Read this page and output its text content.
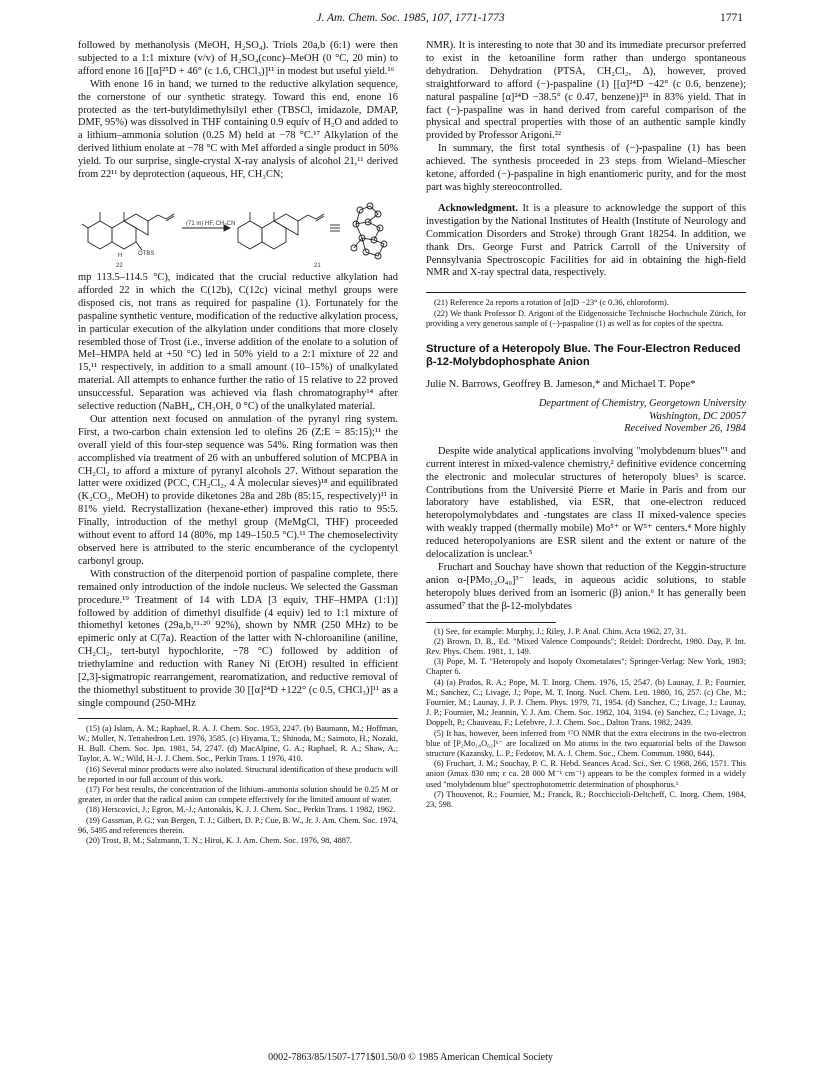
J. Am. Chem. Soc. 1985, 107, 1771-1773	1771

followed by methanolysis (MeOH, H₂SO₄). Triols 20a,b (6:1) were then subjected to a 1:1 mixture (v/v) of H₂SO₄(conc)–MeOH (0 °C, 20 min) to afford enone 16 [[α]²⁵D + 46° (c 1.6, CHCl₃)]¹¹ in modest but useful yield.¹⁶

With enone 16 in hand, we turned to the reductive alkylation sequence, the cornerstone of our synthetic strategy. Toward this end, enone 16 protected as the tert-butyldimethylsilyl ether (TBSCl, imidazole, DMAP, DMF, 95%) was dissolved in THF containing 0.9 equiv of H₂O and added to a lithium–ammonia solution (0.25 M) held at −78 °C.¹⁷ Alkylation of the derived lithium enolate at −78 °C with MeI afforded a single product in 50% yield. To our surprise, single-crystal X-ray analysis of alcohol 21,¹¹ derived from 22¹¹ by deprotection (aqueous, HF, CH₃CN;

(71 m) HF, CH₃CN
OTBS
H
22	21

mp 113.5–114.5 °C), indicated that the crucial reductive alkylation had afforded 22 in which the C(12b), C(12c) vicinal methyl groups were disposed cis, not trans as required for paspaline (1). Fortunately for the paspaline synthetic venture, modification of the reductive alkylation process, in particular execution of the alkylation under conditions that more closely resembled those of Trost (i.e., inverse addition of the enolate to a solution of MeI–HMPA held at +50 °C) led in 50% yield to a 2:1 mixture of 22 and 15,¹¹ respectively, in addition to a small amount (10–15%) of unalkylated material. All attempts to enhance further the ratio of 15 relative to 22 proved unsuccessful. Separation was achieved via flash chromatography¹⁴ after selective reduction (NaBH₄, CH₃OH, 0 °C) of the unalkylated material.

Our attention next focused on annulation of the pyranyl ring system. First, a two-carbon chain extension led to olefins 26 (Z:E = 85:15);¹¹ the overall yield of this four-step sequence was 54%. Ring formation was then accomplished via treatment of 26 with an unbuffered solution of MCPBA in CH₂Cl₂ to afford a mixture of pyranyl alcohols 27. Without separation the latter were oxidized (PCC, CH₂Cl₂, 4 Å molecular sieves)¹⁸ and equilibrated (K₂CO₃, MeOH) to provide diketones 28a and 28b (85:15, respectively)¹¹ in 81% yield. Recrystallization (hexane-ether) improved this ratio to 95:5. Finally, introduction of the methyl group (MeMgCl, THF) proceeded without event to afford 14 (80%, mp 149–150.5 °C).¹¹ The chemoselectivity observed here is attributed to the steric encumberance of the cyclopentyl carbonyl group.

With construction of the diterpenoid portion of paspaline complete, there remained only introduction of the indole nucleus. We selected the Gassman procedure.¹⁹ Treatment of 14 with LDA [3 equiv, THF–HMPA (1:1)] followed by addition of dimethyl disulfide (4 equiv) led to 1:1 mixture of thiomethyl ketones (29a,b,¹¹·²⁰ 92%), shown by NMR (250 MHz) to be epimeric only at C(7a). Reaction of the latter with N-chloroaniline (aniline, CH₂Cl₂, tert-butyl hypochlorite, −78 °C) followed by addition of triethylamine and reduction with Raney Ni (EtOH) resulted in efficient [2,3]-sigmatropic rearrangement, rearomatization, and reductive removal of the thiomethyl substituent to provide 30 [[α]²⁴D +122° (c 0.5, CHCl₃)]¹¹ as a single compound (250-MHz

(15) (a) Islam, A. M.; Raphael, R. A. J. Chem. Soc. 1953, 2247. (b) Baumann, M.; Hoffman, W.; Muller, N. Tetrahedron Lett. 1976, 3585. (c) Hiyama, T.; Shinoda, M.; Saimoto, H.; Nozaki, H. Bull. Chem. Soc. Jpn. 1981, 54, 2747. (d) MacAlpine, G. A.; Raphael, R. A.; Shaw, A.; Taylor, A. W.; Wild, H.-J. J. Chem. Soc., Perkin Trans. 1 1976, 410.

(16) Several minor products were also isolated. Structural identification of these products will be reported in our full account of this work.

(17) For best results, the concentration of the lithium–ammonia solution should be 0.25 M or greater, in order that the radical anion can compete effectively for the limited amount of water.

(18) Herscovici, J.; Egron, M.-J.; Antonakis, K. J. J. Chem. Soc., Perkin Trans. 1 1982, 1962.

(19) Gassman, P. G.; van Bergen, T. J.; Gilbert, D. P.; Cue, B. W., Jr. J. Am. Chem. Soc. 1974, 96, 5495 and references therein.

(20) Trost, B. M.; Salzmann, T. N.; Hiroi, K. J. Am. Chem. Soc. 1976, 98, 4887.

NMR). It is interesting to note that 30 and its immediate precursor preferred to exist in the ketoaniline form rather than undergo spontaneous dehydration. Dehydration (PTSA, CH₂Cl₂, Δ), however, proved straightforward to afford (−)-paspaline (1) [[α]²⁴D −42° (c 0.6, benzene); natural paspaline [α]²⁴D −38.5° (c 0.47, benzene)]²¹ in 83% yield. That in fact (−)-paspaline was in hand derived from careful comparison of the physical and spectral properties with those of an authentic sample kindly provided by Professor Arigoni.²²

In summary, the first total synthesis of (−)-paspaline (1) has been achieved. The synthesis proceeded in 23 steps from Wieland–Miescher ketone, afforded (−)-paspaline in high enantiomeric purity, and for the most part was highly stereocontrolled.

Acknowledgment. It is a pleasure to acknowledge the support of this investigation by the National Institutes of Health (Institute of Neurology and Commication Disorders and Stroke) through Grant 18254. In addition, we thank Drs. George Furst and Patrick Carroll of the University of Pennsylvania Spectroscopic Facilities for aid in obtaining the high-field NMR and X-ray spectral data, respectively.

(21) Reference 2a reports a rotation of [α]D −23° (c 0.36, chloroform).

(22) We thank Professor D. Arigoni of the Eidgenossiche Technische Hochschule Zürich, for providing a very generous sample of (−)-paspaline (1) as well as for copies of the spectra.

Structure of a Heteropoly Blue. The Four-Electron Reduced β-12-Molybdophosphate Anion
Julie N. Barrows, Geoffrey B. Jameson,* and Michael T. Pope*
Department of Chemistry, Georgetown University
Washington, DC 20057
Received November 26, 1984

Despite wide analytical applications involving "molybdenum blues"¹ and current interest in mixed-valence chemistry,² definitive evidence concerning the electronic and molecular structures of heteropoly blues³ is scarce. Contributions from the Université Pierre et Marie in Paris and from our laboratory have established, via ESR, that one-electron reduced heteropolymolybdates and -tungstates are class II mixed-valence species with weakly trapped (thermally mobile) Mo⁵⁺ or W⁵⁺ centers.⁴ More highly reduced heteropolyanions are ESR silent and the extent or nature of the delocalization is unclear.⁵

Fruchart and Souchay have shown that reduction of the Keggin-structure anion α-[PMo₁₂O₄₀]³⁻ leads, in aqueous acidic solutions, to stable heteropoly blues derived from an isomeric (β) anion.⁶ It has generally been assumed⁷ that the β-12-molybdates

(1) See, for example: Murphy, J.; Riley, J. P. Anal. Chim. Acta 1962, 27, 31.

(2) Brown, D. B., Ed. "Mixed Valence Compounds"; Reidel: Dordrecht, 1980. Day, P. Int. Rev. Phys. Chem. 1981, 1, 149.

(3) Pope, M. T. "Heteropoly and Isopoly Oxometalates"; Springer-Verlag: New York, 1983; Chapter 6.

(4) (a) Prados, R. A.; Pope, M. T. Inorg. Chem. 1976, 15, 2547. (b) Launay, J. P.; Fournier, M.; Sanchez, C.; Livage, J.; Pope, M. T. Inorg. Nucl. Chem. Lett. 1980, 16, 257. (c) Che, M.; Fournier, M.; Launay, J. P. J. Chem. Phys. 1979, 71, 1954. (d) Sanchez, C.; Livage, J.; Launay, J. P.; Fournier, M.; Jeannin, Y. J. Am. Chem. Soc. 1982, 104, 3194. (e) Sanchez, C.; Livage, J.; Doppelt, P.; Chauveau, F.; Lefebvre, J. J. Chem. Soc., Dalton Trans. 1982, 2439.

(5) It has, however, been inferred from ¹⁷O NMR that the extra electrons in the two-electron blue of [P₂Mo₁₈O₆₂]⁶⁻ are localized on Mo atoms in the two equatorial belts of the Dawson structure (Kazansky, L. P.; Fedotov, M. A. J. Chem. Soc., Chem. Commun. 1980, 644).

(6) Fruchart, J. M.; Souchay, P. C. R. Hebd. Seances Acad. Sci., Ser. C 1968, 266, 1571. This anion (λmax 830 nm; ε ca. 28 000 M⁻¹ cm⁻¹) appears to be the complex formed in a widely used "molybdenum blue" spectrophotometric determination of phosphorus.¹

(7) Thouvenot, R.; Fournier, M.; Franck, R.; Rocchiccioli-Deltcheff, C. Inorg. Chem. 1984, 23, 598.

0002-7863/85/1507-1771$01.50/0 © 1985 American Chemical Society
